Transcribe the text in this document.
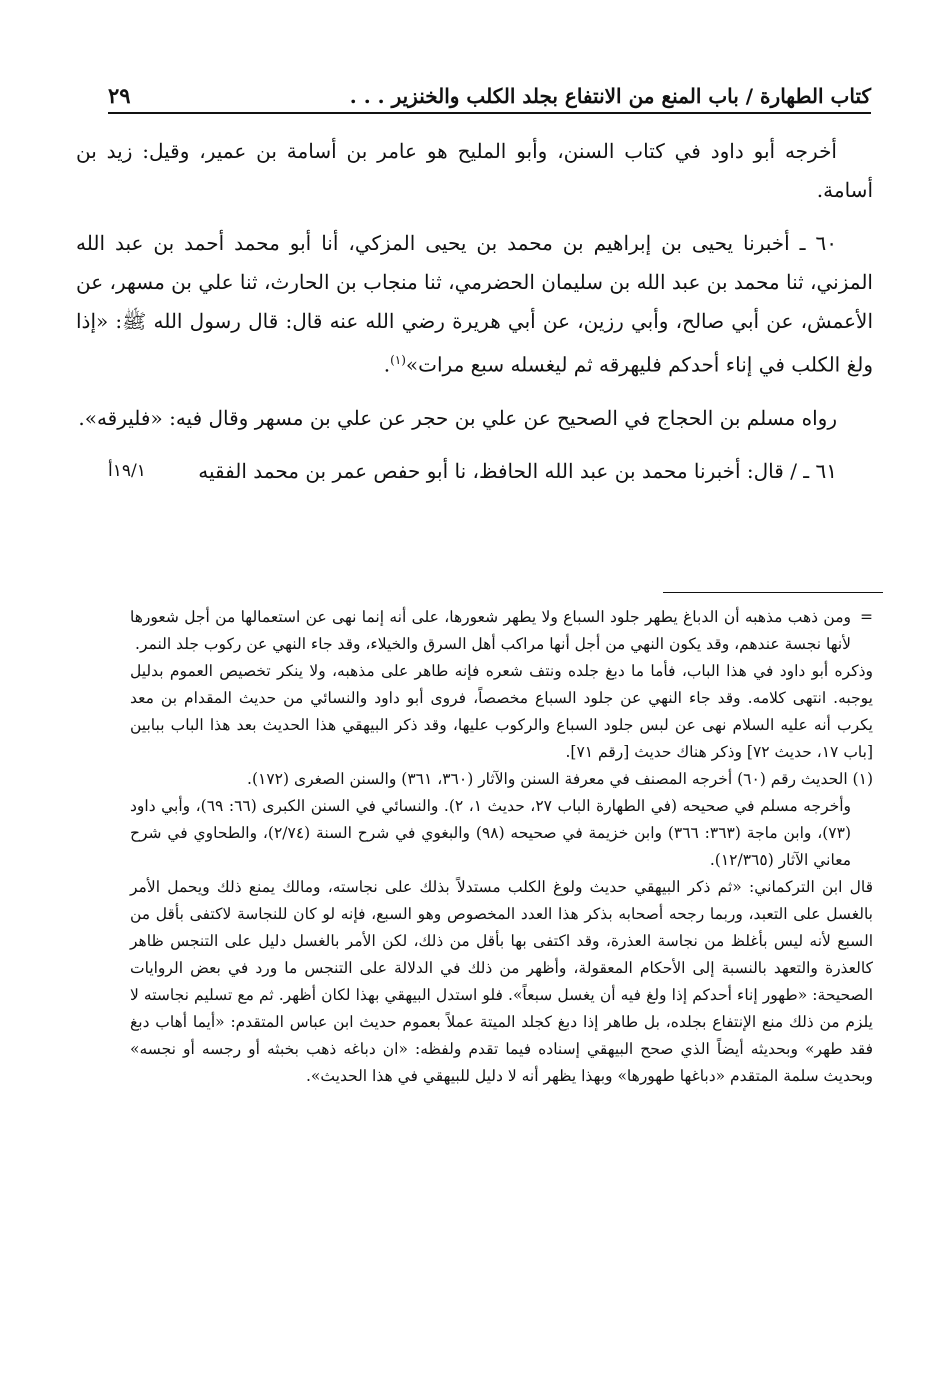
كتاب الطهارة / باب المنع من الانتفاع بجلد الكلب والخنزير . . .
٢٩

أخرجه أبو داود في كتاب السنن، وأبو المليح هو عامر بن أسامة بن عمير، وقيل: زيد بن أسامة.

٦٠ ـ أخبرنا يحيى بن إبراهيم بن محمد بن يحيى المزكي، أنا أبو محمد أحمد بن عبد الله المزني، ثنا محمد بن عبد الله بن سليمان الحضرمي، ثنا منجاب بن الحارث، ثنا علي بن مسهر، عن الأعمش، عن أبي صالح، وأبي رزين، عن أبي هريرة رضي الله عنه قال: قال رسول الله ﷺ: «إذا ولغ الكلب في إناء أحدكم فليهرقه ثم ليغسله سبع مرات»$^{(١)}$.

رواه مسلم بن الحجاج في الصحيح عن علي بن حجر عن علي بن مسهر وقال فيه: «فليرقه».

٦١ ـ / قال: أخبرنا محمد بن عبد الله الحافظ، نا أبو حفص عمر بن محمد الفقيه
١٩/١أ

=
ومن ذهب مذهبه أن الدباغ يطهر جلود السباع ولا يطهر شعورها، على أنه إنما نهى عن استعمالها من أجل شعورها لأنها نجسة عندهم، وقد يكون النهي من أجل أنها مراكب أهل السرق والخيلاء، وقد جاء النهي عن ركوب جلد النمر.

وذكره أبو داود في هذا الباب، فأما ما دبغ جلده ونتف شعره فإنه طاهر على مذهبه، ولا ينكر تخصيص العموم بدليل يوجبه. انتهى كلامه. وقد جاء النهي عن جلود السباع مخصصاً، فروى أبو داود والنسائي من حديث المقدام بن معد يكرب أنه عليه السلام نهى عن لبس جلود السباع والركوب عليها، وقد ذكر البيهقي هذا الحديث بعد هذا الباب ببابين [باب ١٧، حديث ٧٢] وذكر هناك حديث [رقم ٧١].

(١) الحديث رقم (٦٠) أخرجه المصنف في معرفة السنن والآثار (٣٦٠، ٣٦١) والسنن الصغرى (١٧٢).

وأخرجه مسلم في صحيحه (في الطهارة الباب ٢٧، حديث ١، ٢). والنسائي في السنن الكبرى (٦٦: ٦٩)، وأبي داود (٧٣)، وابن ماجة (٣٦٣: ٣٦٦) وابن خزيمة في صحيحه (٩٨) والبغوي في شرح السنة (٢/٧٤)، والطحاوي في شرح معاني الآثار (١٢/٣٦٥).

قال ابن التركماني: «ثم ذكر البيهقي حديث ولوغ الكلب مستدلاً بذلك على نجاسته، ومالك يمنع ذلك ويحمل الأمر بالغسل على التعبد، وربما رجحه أصحابه بذكر هذا العدد المخصوص وهو السبع، فإنه لو كان للنجاسة لاكتفى بأقل من السبع لأنه ليس بأغلظ من نجاسة العذرة، وقد اكتفى بها بأقل من ذلك، لكن الأمر بالغسل دليل على التنجس ظاهر كالعذرة والتعهد بالنسبة إلى الأحكام المعقولة، وأظهر من ذلك في الدلالة على التنجس ما ورد في بعض الروايات الصحيحة: «طهور إناء أحدكم إذا ولغ فيه أن يغسل سبعاً». فلو استدل البيهقي بهذا لكان أظهر. ثم مع تسليم نجاسته لا يلزم من ذلك منع الإنتفاع بجلده، بل طاهر إذا دبغ كجلد الميتة عملاً بعموم حديث ابن عباس المتقدم: «أيما أهاب دبغ فقد طهر» وبحديثه أيضاً الذي صحح البيهقي إسناده فيما تقدم ولفظه: «ان دباغه ذهب بخبثه أو رجسه أو نجسه» وبحديث سلمة المتقدم «دباغها طهورها» وبهذا يظهر أنه لا دليل للبيهقي في هذا الحديث».
